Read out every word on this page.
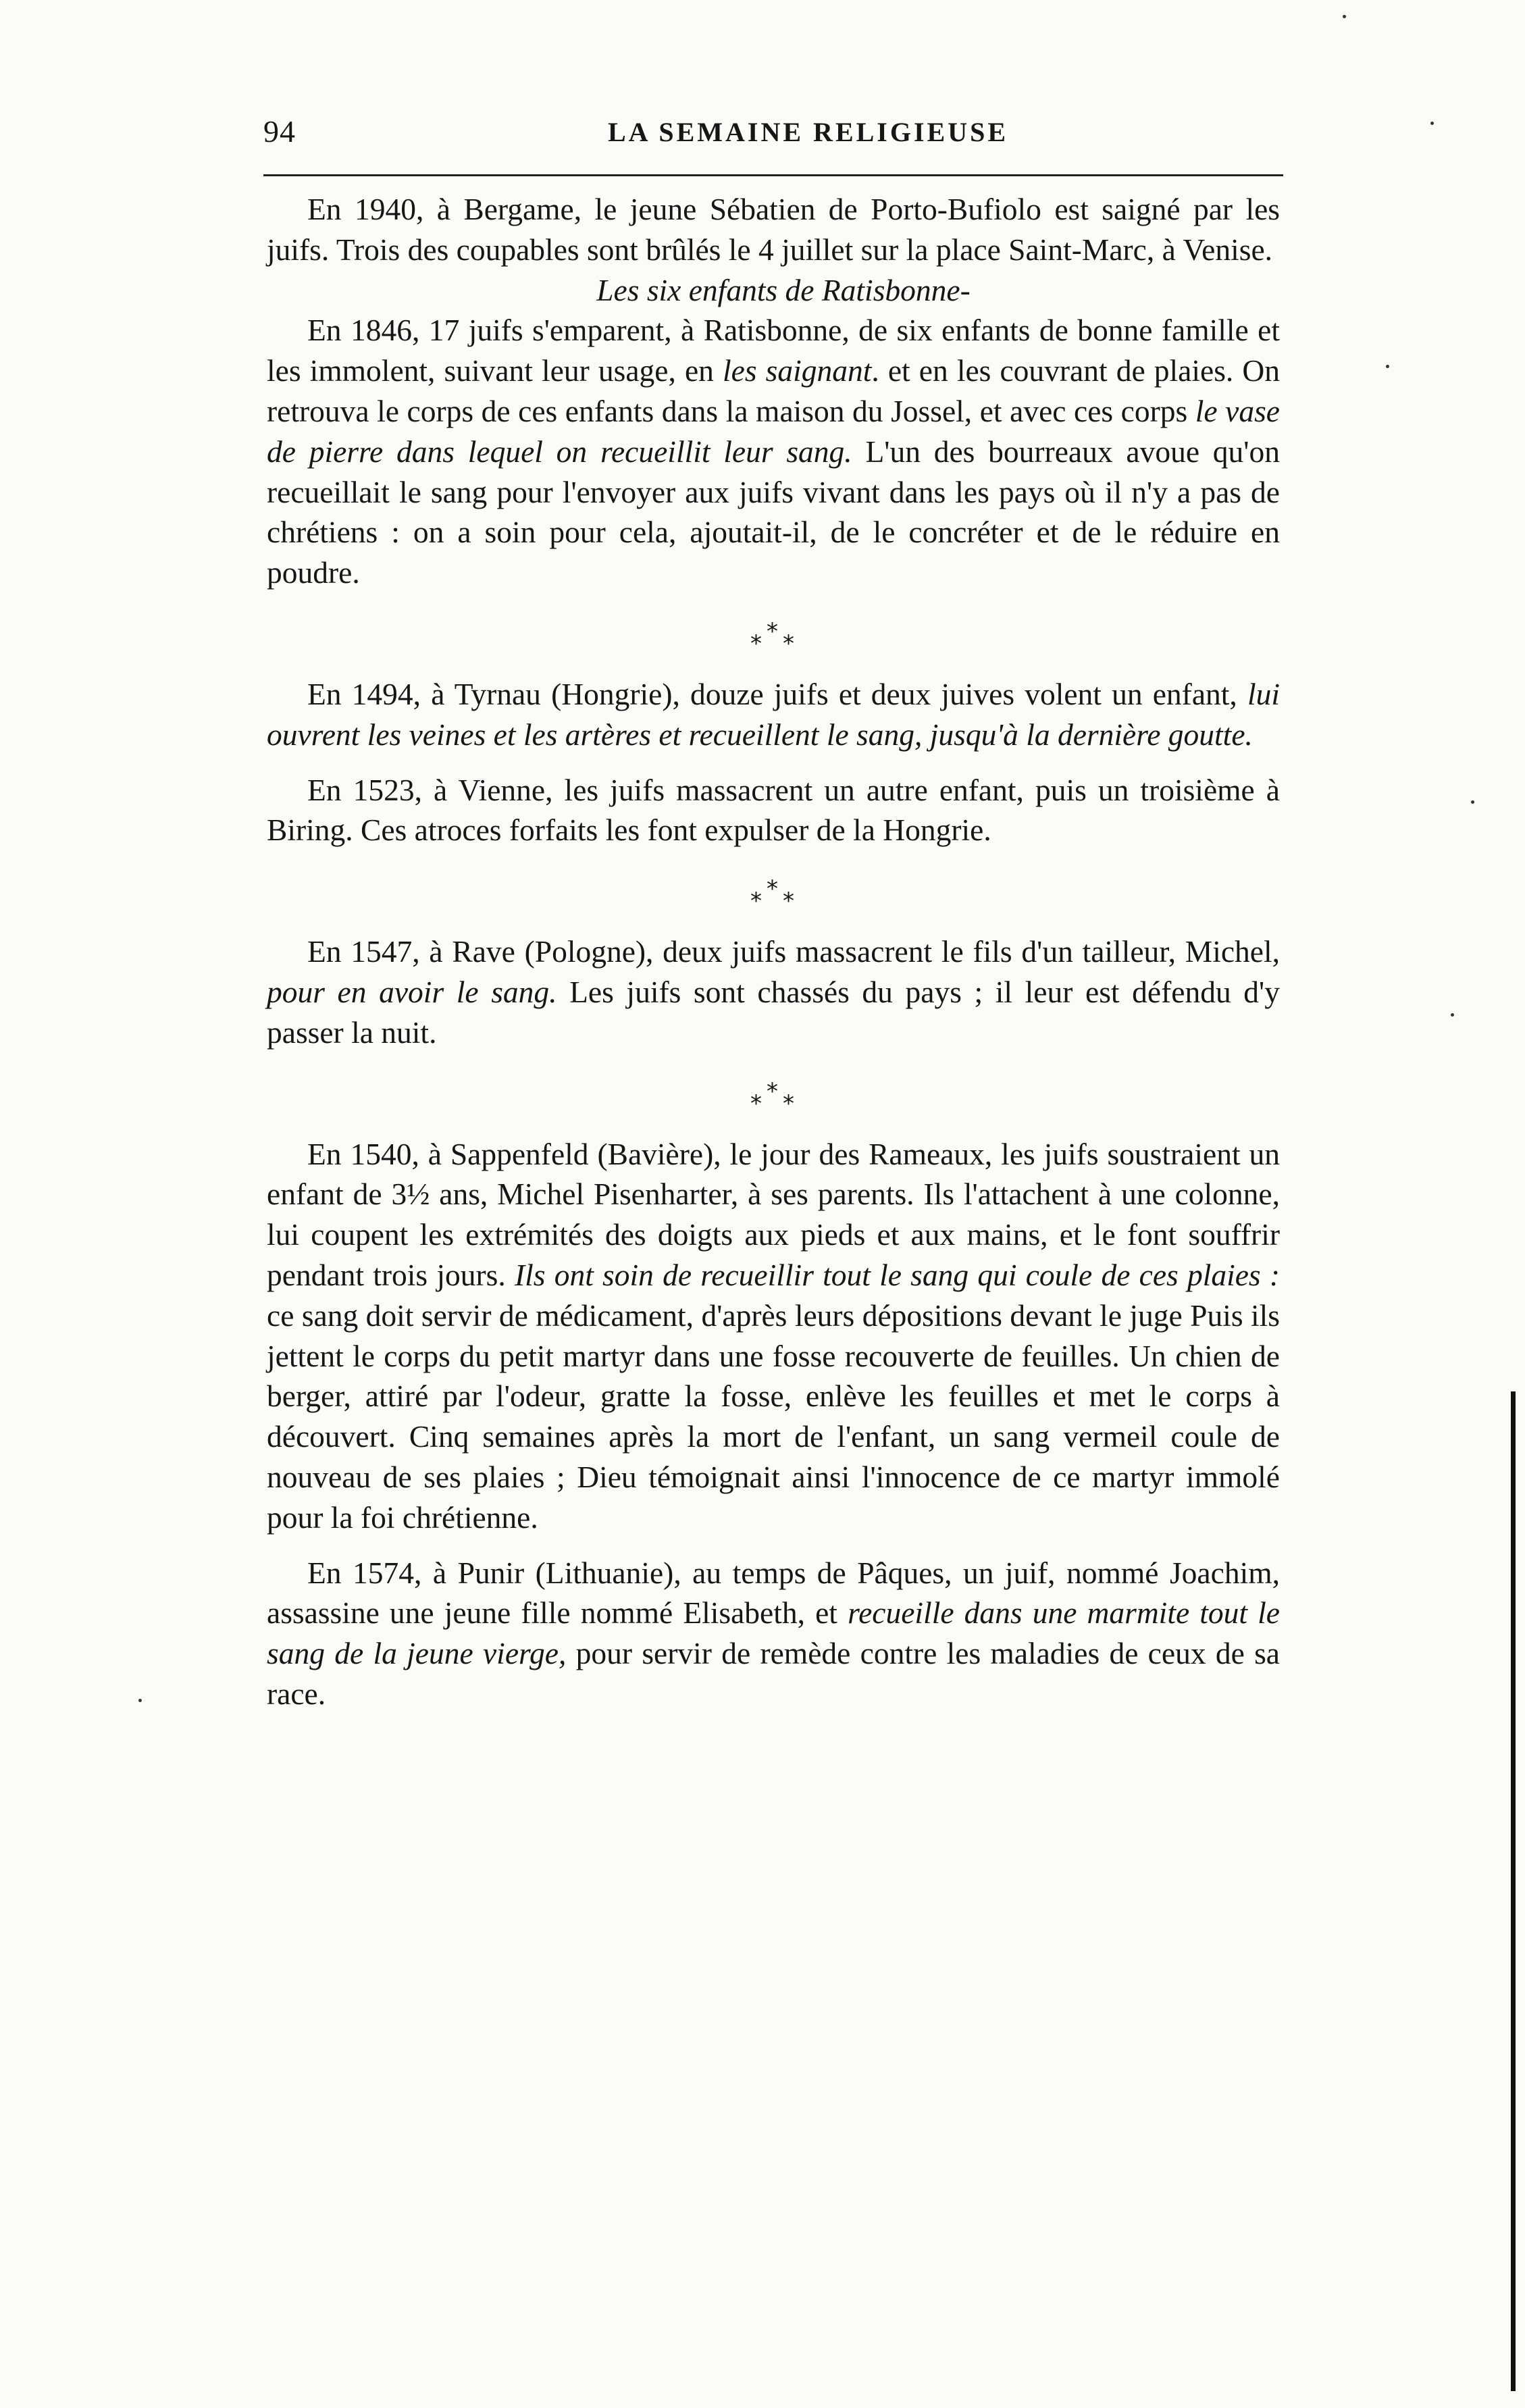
94	LA SEMAINE RELIGIEUSE

En 1940, à Bergame, le jeune Sébatien de Porto-Bufiolo est saigné par les juifs. Trois des coupables sont brûlés le 4 juillet sur la place Saint-Marc, à Venise.

Les six enfants de Ratisbonne-

En 1846, 17 juifs s'emparent, à Ratisbonne, de six enfants de bonne famille et les immolent, suivant leur usage, en les saignant. et en les couvrant de plaies. On retrouva le corps de ces enfants dans la maison du Jossel, et avec ces corps le vase de pierre dans lequel on recueillit leur sang. L'un des bourreaux avoue qu'on recueillait le sang pour l'envoyer aux juifs vivant dans les pays où il n'y a pas de chrétiens : on a soin pour cela, ajoutait-il, de le concréter et de le réduire en poudre.

* * *

En 1494, à Tyrnau (Hongrie), douze juifs et deux juives volent un enfant, lui ouvrent les veines et les artères et recueillent le sang, jusqu'à la dernière goutte.

En 1523, à Vienne, les juifs massacrent un autre enfant, puis un troisième à Biring. Ces atroces forfaits les font expulser de la Hongrie.

* * *

En 1547, à Rave (Pologne), deux juifs massacrent le fils d'un tailleur, Michel, pour en avoir le sang. Les juifs sont chassés du pays ; il leur est défendu d'y passer la nuit.

* * *

En 1540, à Sappenfeld (Bavière), le jour des Rameaux, les juifs soustraient un enfant de 3½ ans, Michel Pisenharter, à ses parents. Ils l'attachent à une colonne, lui coupent les extrémités des doigts aux pieds et aux mains, et le font souffrir pendant trois jours. Ils ont soin de recueillir tout le sang qui coule de ces plaies : ce sang doit servir de médicament, d'après leurs dépositions devant le juge Puis ils jettent le corps du petit martyr dans une fosse recouverte de feuilles. Un chien de berger, attiré par l'odeur, gratte la fosse, enlève les feuilles et met le corps à découvert. Cinq semaines après la mort de l'enfant, un sang vermeil coule de nouveau de ses plaies ; Dieu témoignait ainsi l'innocence de ce martyr immolé pour la foi chrétienne.

En 1574, à Punir (Lithuanie), au temps de Pâques, un juif, nommé Joachim, assassine une jeune fille nommé Elisabeth, et recueille dans une marmite tout le sang de la jeune vierge, pour servir de remède contre les maladies de ceux de sa race.
